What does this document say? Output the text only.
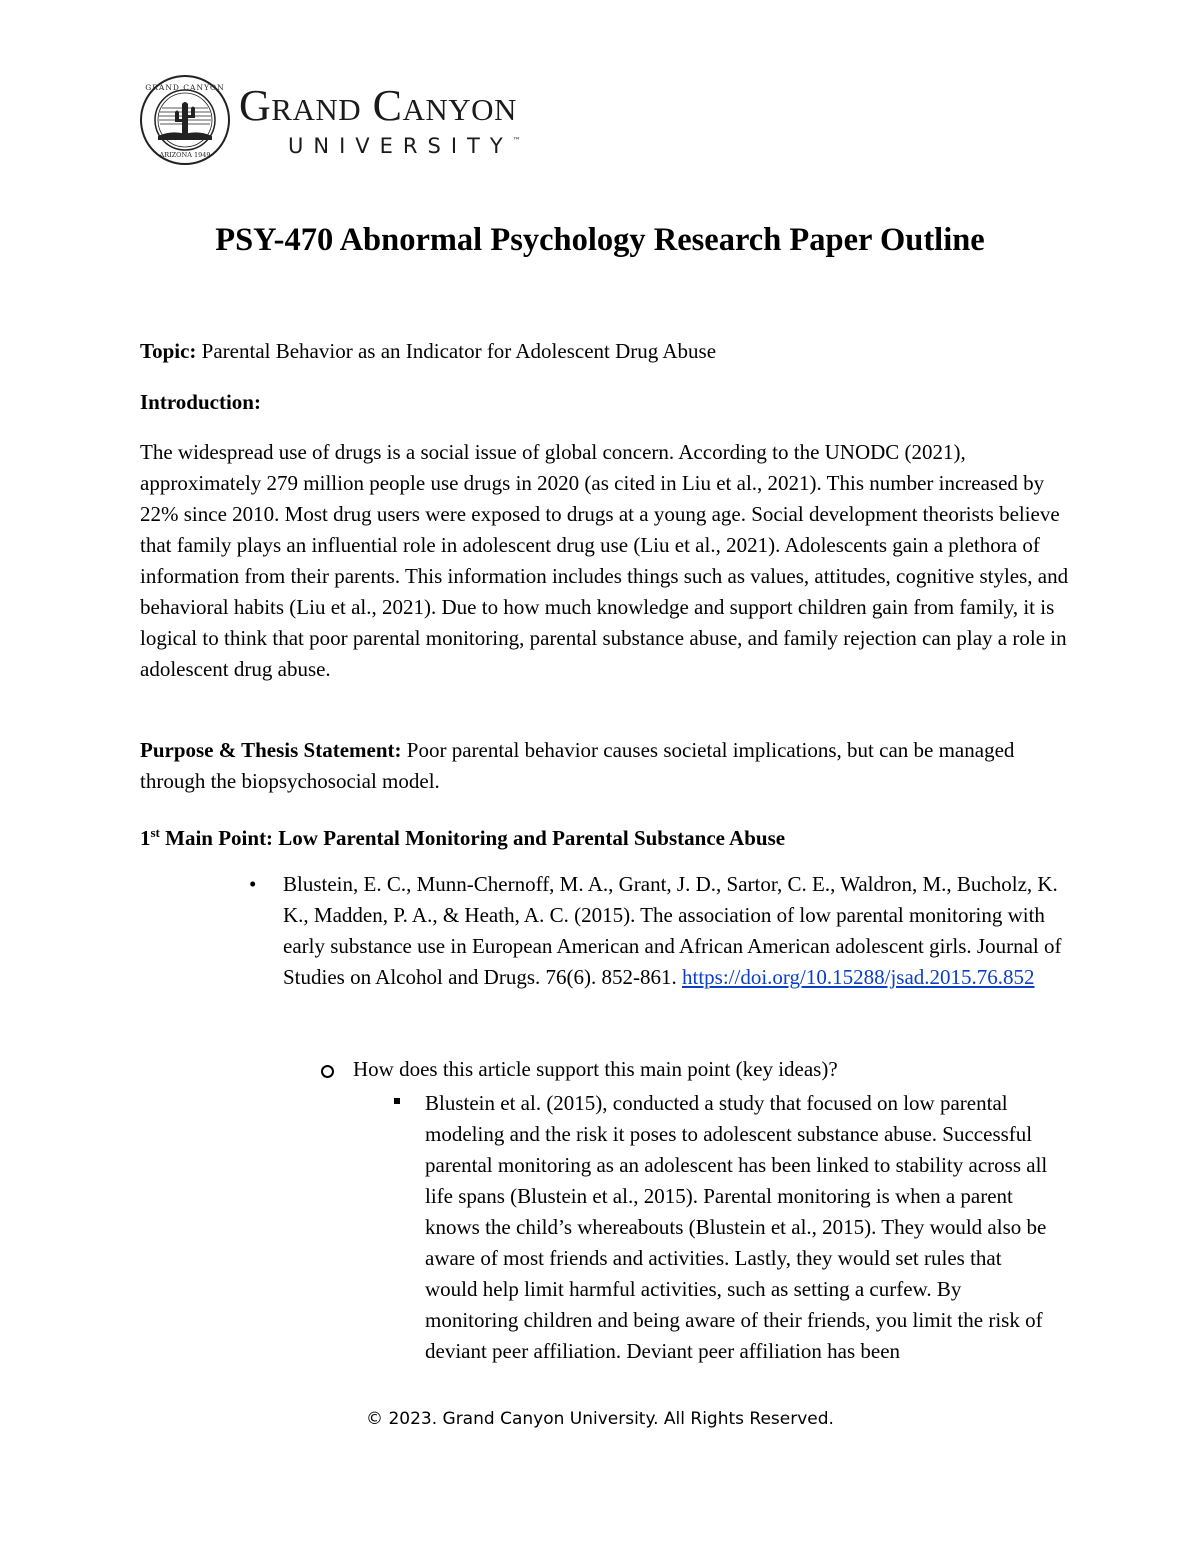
GRAND CANYON
ARIZONA 1949
Grand Canyon
UNIVERSITY™
PSY-470 Abnormal Psychology Research Paper Outline
Topic: Parental Behavior as an Indicator for Adolescent Drug Abuse
Introduction:
The widespread use of drugs is a social issue of global concern. According to the UNODC (2021), approximately 279 million people use drugs in 2020 (as cited in Liu et al., 2021). This number increased by 22% since 2010. Most drug users were exposed to drugs at a young age. Social development theorists believe that family plays an influential role in adolescent drug use (Liu et al., 2021). Adolescents gain a plethora of information from their parents. This information includes things such as values, attitudes, cognitive styles, and behavioral habits (Liu et al., 2021). Due to how much knowledge and support children gain from family, it is logical to think that poor parental monitoring, parental substance abuse, and family rejection can play a role in adolescent drug abuse.
Purpose & Thesis Statement: Poor parental behavior causes societal implications, but can be managed through the biopsychosocial model.
1st Main Point: Low Parental Monitoring and Parental Substance Abuse
• Blustein, E. C., Munn-Chernoff, M. A., Grant, J. D., Sartor, C. E., Waldron, M., Bucholz, K. K., Madden, P. A., & Heath, A. C. (2015). The association of low parental monitoring with early substance use in European American and African American adolescent girls. Journal of Studies on Alcohol and Drugs. 76(6). 852-861. https://doi.org/10.15288/jsad.2015.76.852
How does this article support this main point (key ideas)?
Blustein et al. (2015), conducted a study that focused on low parental modeling and the risk it poses to adolescent substance abuse. Successful parental monitoring as an adolescent has been linked to stability across all life spans (Blustein et al., 2015). Parental monitoring is when a parent knows the child’s whereabouts (Blustein et al., 2015). They would also be aware of most friends and activities. Lastly, they would set rules that would help limit harmful activities, such as setting a curfew. By monitoring children and being aware of their friends, you limit the risk of deviant peer affiliation. Deviant peer affiliation has been
© 2023. Grand Canyon University. All Rights Reserved.
